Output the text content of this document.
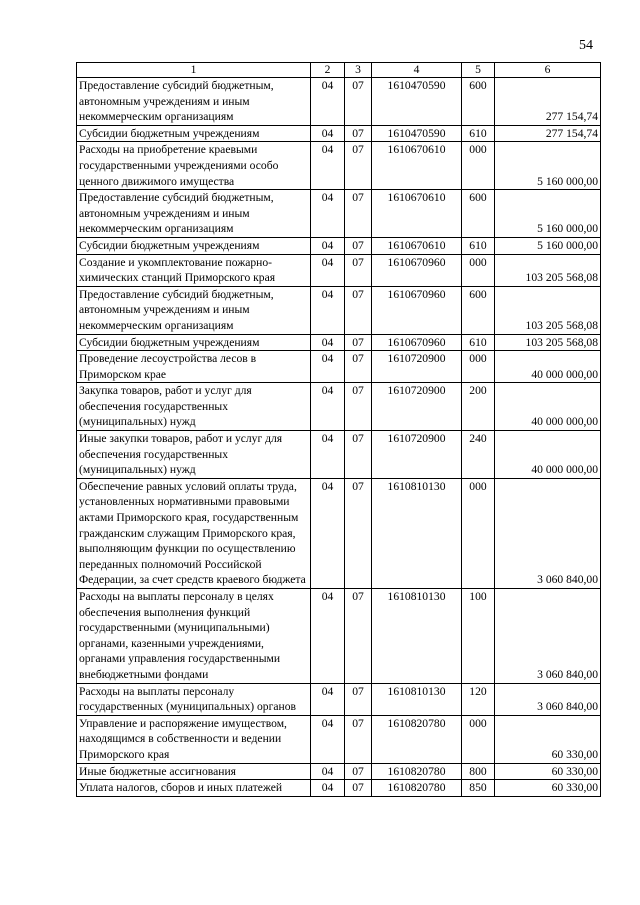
54
1	2	3	4	5	6
Предоставление субсидий бюджетным, автономным учреждениям и иным некоммерческим организациям	04	07	1610470590	600	277 154,74
Субсидии бюджетным учреждениям	04	07	1610470590	610	277 154,74
Расходы на приобретение краевыми государственными учреждениями особо ценного движимого имущества	04	07	1610670610	000	5 160 000,00
Предоставление субсидий бюджетным, автономным учреждениям и иным некоммерческим организациям	04	07	1610670610	600	5 160 000,00
Субсидии бюджетным учреждениям	04	07	1610670610	610	5 160 000,00
Создание и укомплектование пожарно-химических станций Приморского края	04	07	1610670960	000	103 205 568,08
Предоставление субсидий бюджетным, автономным учреждениям и иным некоммерческим организациям	04	07	1610670960	600	103 205 568,08
Субсидии бюджетным учреждениям	04	07	1610670960	610	103 205 568,08
Проведение лесоустройства лесов в Приморском крае	04	07	1610720900	000	40 000 000,00
Закупка товаров, работ и услуг для обеспечения государственных (муниципальных) нужд	04	07	1610720900	200	40 000 000,00
Иные закупки товаров, работ и услуг для обеспечения государственных (муниципальных) нужд	04	07	1610720900	240	40 000 000,00
Обеспечение равных условий оплаты труда, установленных нормативными правовыми актами Приморского края, государственным гражданским служащим Приморского края, выполняющим функции по осуществлению переданных полномочий Российской Федерации, за счет средств краевого бюджета	04	07	1610810130	000	3 060 840,00
Расходы на выплаты персоналу в целях обеспечения выполнения функций государственными (муниципальными) органами, казенными учреждениями, органами управления государственными внебюджетными фондами	04	07	1610810130	100	3 060 840,00
Расходы на выплаты персоналу государственных (муниципальных) органов	04	07	1610810130	120	3 060 840,00
Управление и распоряжение имуществом, находящимся в собственности и ведении Приморского края	04	07	1610820780	000	60 330,00
Иные бюджетные ассигнования	04	07	1610820780	800	60 330,00
Уплата налогов, сборов и иных платежей	04	07	1610820780	850	60 330,00
